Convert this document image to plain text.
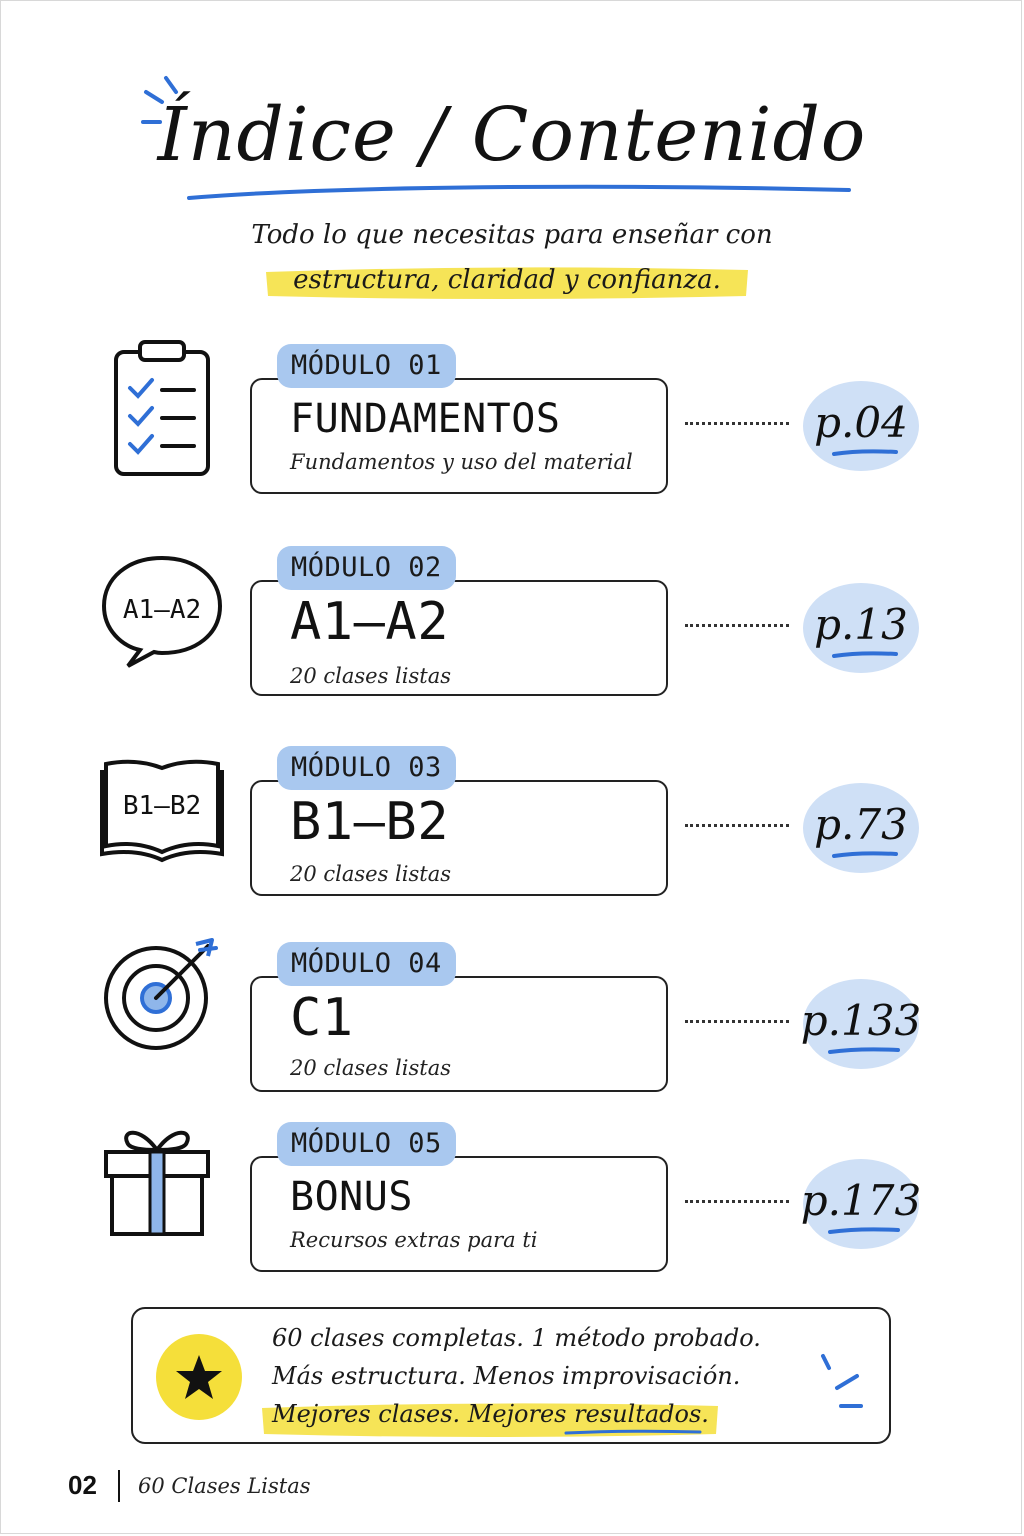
Índice / Contenido
Todo lo que necesitas para enseñar con
estructura, claridad y confianza.
MÓDULO 01
FUNDAMENTOS
Fundamentos y uso del material
p.04
A1–A2
MÓDULO 02
A1–A2
20 clases listas
p.13
B1–B2
MÓDULO 03
B1–B2
20 clases listas
p.73
MÓDULO 04
C1
20 clases listas
p.133
MÓDULO 05
BONUS
Recursos extras para ti
p.173
60 clases completas. 1 método probado.
Más estructura. Menos improvisación.
Mejores clases. Mejores resultados.
02 60 Clases Listas
